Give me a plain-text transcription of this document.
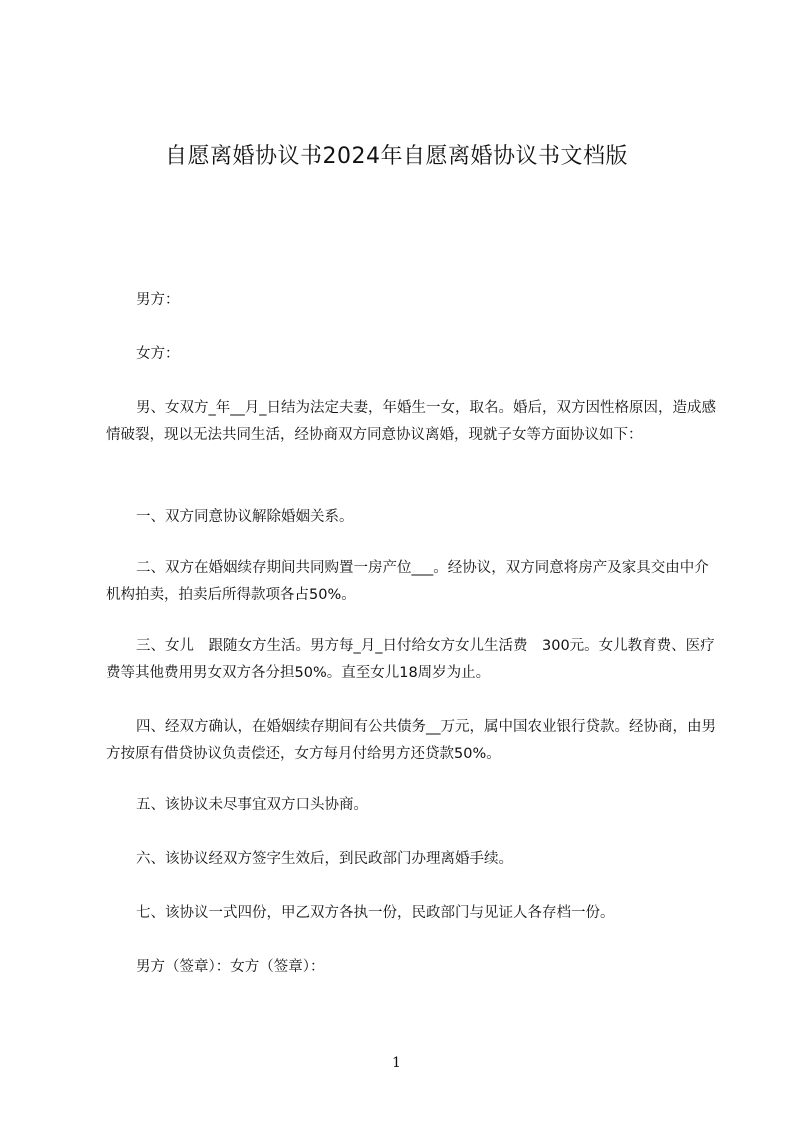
自愿离婚协议书2024年自愿离婚协议书文档版

男方：

女方：

男、女双方_年__月_日结为法定夫妻，年婚生一女，取名。婚后，双方因性格原因，造成感情破裂，现以无法共同生活，经协商双方同意协议离婚，现就子女等方面协议如下：

一、双方同意协议解除婚姻关系。

二、双方在婚姻续存期间共同购置一房产位___。经协议，双方同意将房产及家具交由中介机构拍卖，拍卖后所得款项各占50%。

三、女儿　跟随女方生活。男方每_月_日付给女方女儿生活费　300元。女儿教育费、医疗费等其他费用男女双方各分担50%。直至女儿18周岁为止。

四、经双方确认，在婚姻续存期间有公共债务__万元，属中国农业银行贷款。经协商，由男方按原有借贷协议负责偿还，女方每月付给男方还贷款50%。

五、该协议未尽事宜双方口头协商。

六、该协议经双方签字生效后，到民政部门办理离婚手续。

七、该协议一式四份，甲乙双方各执一份，民政部门与见证人各存档一份。

男方（签章）：女方（签章）：

1
